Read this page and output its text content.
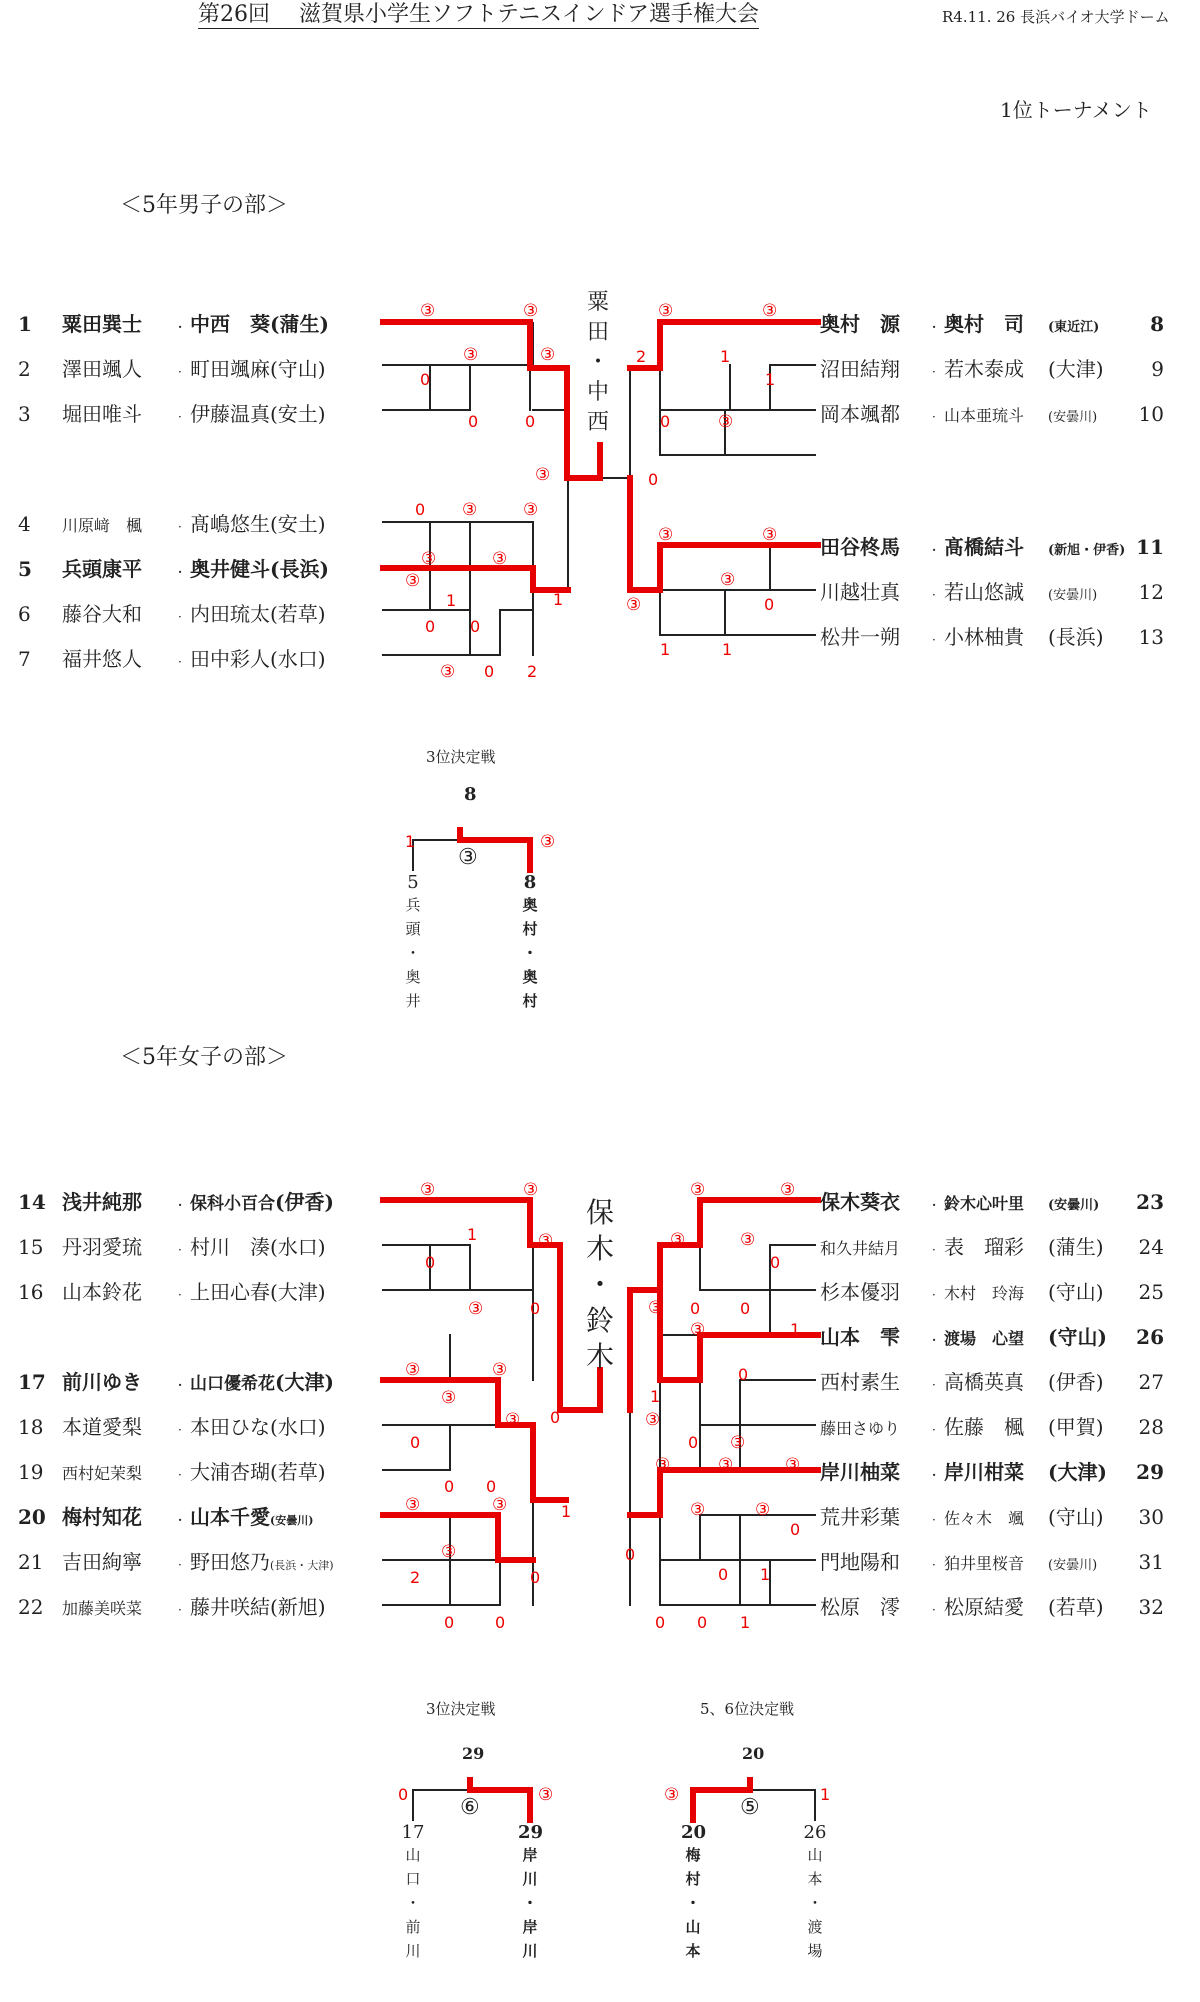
第26回　 滋賀県小学生ソフトテニスインドア選手権大会	R4.11. 26 長浜バイオ大学ドーム
1位トーナメント
＜5年男子の部＞
＜5年女子の部＞
1 粟田巽士	· 中西　葵(蒲生)
2 澤田颯人	· 町田颯麻(守山)
3 堀田唯斗	· 伊藤温真(安土)
4 川原﨑　楓	· 髙嶋悠生(安土)
5 兵頭康平	· 奥井健斗(長浜)
6 藤谷大和	· 内田琉太(若草)
7 福井悠人	· 田中彩人(水口)
奥村　源	· 奥村　司 (東近江)	8
沼田結翔	· 若木泰成 (大津) 9
岡本颯都	· 山本亜琉斗 (安曇川) 10
田谷柊馬	· 髙橋結斗 (新旭・伊香) 11
川越壮真	· 若山悠誠 (安曇川) 12
松井一朔	· 小林柚貴 (長浜) 13
14 浅井純那	· 保科小百合(伊香)
15 丹羽愛琉	· 村川　湊(水口)
16 山本鈴花	· 上田心春(大津)
17 前川ゆき	· 山口優希花(大津)
18 本道愛梨	· 本田ひな(水口)
19 西村妃茉梨	· 大浦杏瑚(若草)
20 梅村知花	· 山本千愛(安曇川)
21 吉田絢寧	· 野田悠乃(長浜・大津)
22 加藤美咲菜	· 藤井咲結(新旭)
保木葵衣	· 鈴木心叶里 (安曇川) 23
和久井結月	· 表　瑠彩 (蒲生) 24
杉本優羽	· 木村　玲海 (守山) 25
山本　雫	· 渡場　心望 (守山) 26
西村素生	· 高橋英真 (伊香) 27
藤田さゆり	· 佐藤　楓 (甲賀) 28
岸川柚菜	· 岸川柑菜 (大津) 29
荒井彩葉	· 佐々木　颯 (守山) 30
門地陽和	· 狛井里桜音 (安曇川) 31
松原　澪	· 松原結愛 (若草) 32
③	③
③
0
③
0	0
③
③	③
2	1
1
0	③
0
0 ③	③
③	③
③
1
0 0
1
③ 0 2
③	③
③
0
③
1	1
1	③
③	③
0
1	③
③	0
③	③
③
③
0
0
0 0
1
③	③
③
2	0
0	0
③	③
③	③
0
③ 0 0
③	1
0
1
③
0 ③
③	③	③
③	③
0
0
0 1
0 0 1
0	③	③	1
粟
田
・
中
西
保
木
・
鈴
木
3位決定戦
8
③
3位決定戦
29
⑥
5、6位決定戦
20
⑤
5
兵
頭
・
奥
井
8
奥
村
・
奥
村
17
山
口
・
前
川
29
岸
川
・
岸
川
20
梅
村
・
山
本
26
山
本
・
渡
場
